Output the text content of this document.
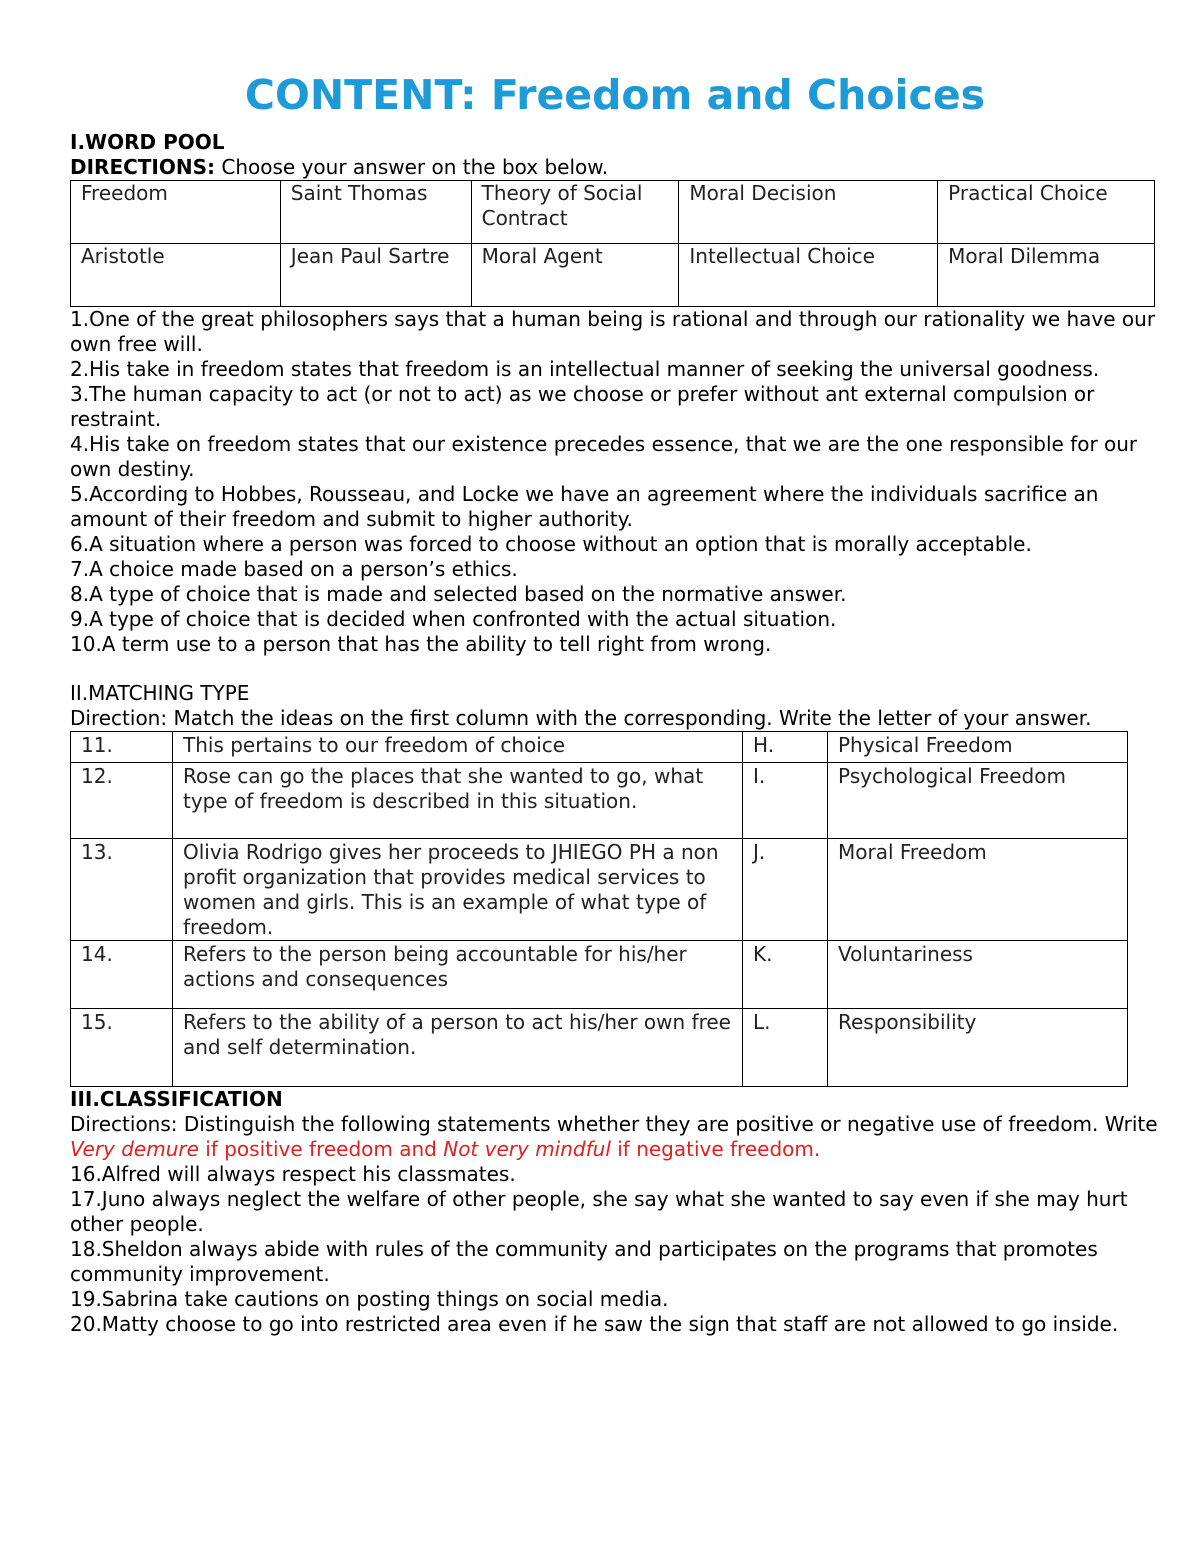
CONTENT: Freedom and Choices
I.WORD POOL
DIRECTIONS: Choose your answer on the box below.
Freedom	Saint Thomas	Theory of Social Contract	Moral Decision	Practical Choice
Aristotle	Jean Paul Sartre	Moral Agent	Intellectual Choice	Moral Dilemma
1.One of the great philosophers says that a human being is rational and through our rationality we have our own free will.
2.His take in freedom states that freedom is an intellectual manner of seeking the universal goodness.
3.The human capacity to act (or not to act) as we choose or prefer without ant external compulsion or restraint.
4.His take on freedom states that our existence precedes essence, that we are the one responsible for our own destiny.
5.According to Hobbes, Rousseau, and Locke we have an agreement where the individuals sacrifice an amount of their freedom and submit to higher authority.
6.A situation where a person was forced to choose without an option that is morally acceptable.
7.A choice made based on a person’s ethics.
8.A type of choice that is made and selected based on the normative answer.
9.A type of choice that is decided when confronted with the actual situation.
10.A term use to a person that has the ability to tell right from wrong.
II.MATCHING TYPE
Direction: Match the ideas on the first column with the corresponding. Write the letter of your answer.
11.	This pertains to our freedom of choice	H.	Physical Freedom
12.	Rose can go the places that she wanted to go, what type of freedom is described in this situation.	I.	Psychological Freedom
13.	Olivia Rodrigo gives her proceeds to JHIEGO PH a non profit organization that provides medical services to women and girls. This is an example of what type of freedom.	J.	Moral Freedom
14.	Refers to the person being accountable for his/her actions and consequences	K.	Voluntariness
15.	Refers to the ability of a person to act his/her own free and self determination.	L.	Responsibility
III.CLASSIFICATION
Directions: Distinguish the following statements whether they are positive or negative use of freedom. Write Very demure if positive freedom and Not very mindful if negative freedom.
16.Alfred will always respect his classmates.
17.Juno always neglect the welfare of other people, she say what she wanted to say even if she may hurt other people.
18.Sheldon always abide with rules of the community and participates on the programs that promotes community improvement.
19.Sabrina take cautions on posting things on social media.
20.Matty choose to go into restricted area even if he saw the sign that staff are not allowed to go inside.
